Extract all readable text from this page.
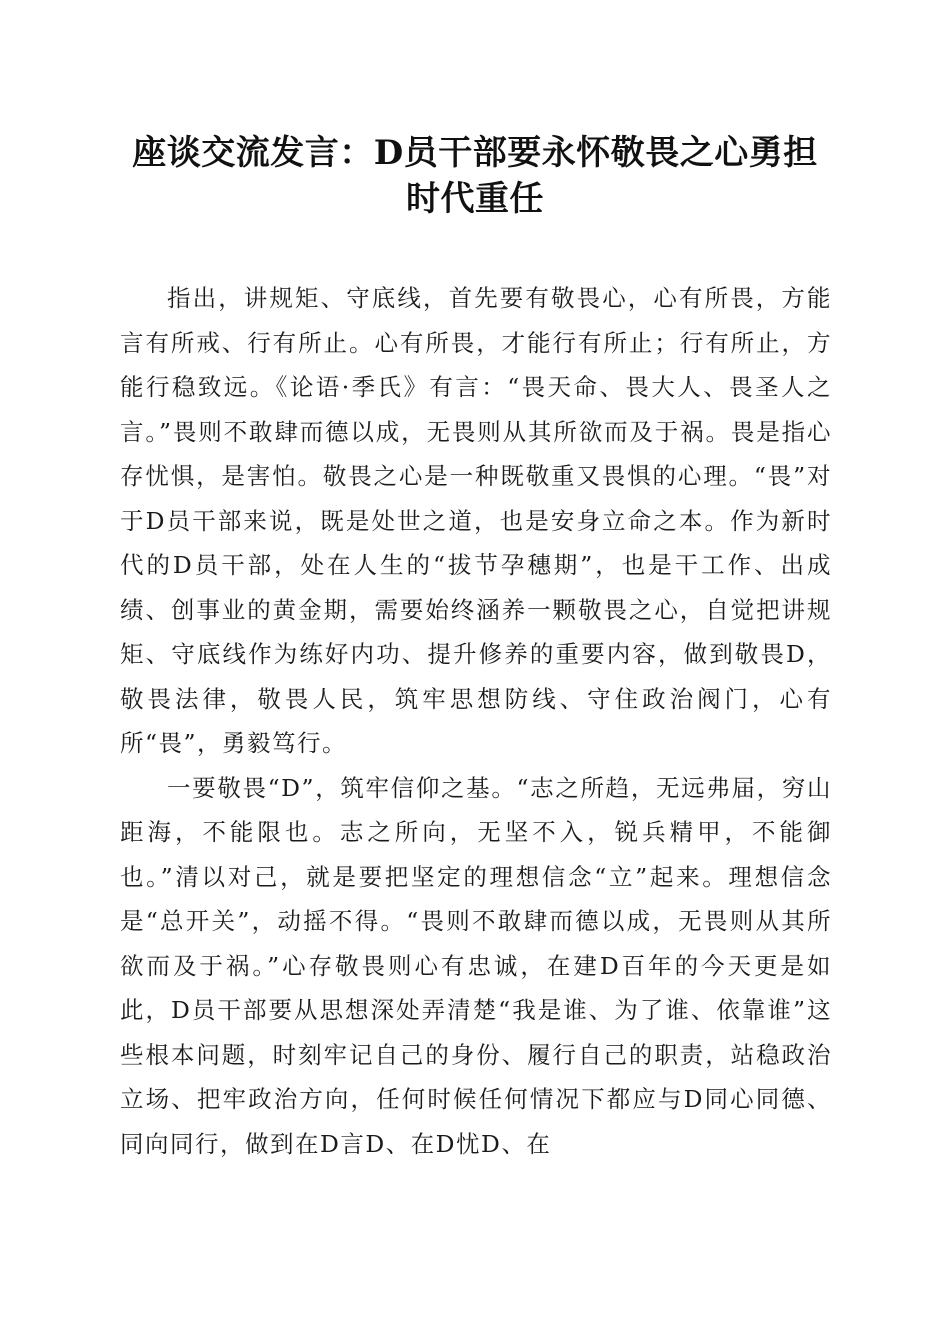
座谈交流发言：D员干部要永怀敬畏之心勇担
时代重任

指出，讲规矩、守底线，首先要有敬畏心，心有所畏，方能言有所戒、行有所止。心有所畏，才能行有所止；行有所止，方能行稳致远。《论语·季氏》有言：“畏天命、畏大人、畏圣人之言。”畏则不敢肆而德以成，无畏则从其所欲而及于祸。畏是指心存忧惧，是害怕。敬畏之心是一种既敬重又畏惧的心理。“畏”对于D员干部来说，既是处世之道，也是安身立命之本。作为新时代的D员干部，处在人生的“拔节孕穗期”，也是干工作、出成绩、创事业的黄金期，需要始终涵养一颗敬畏之心，自觉把讲规矩、守底线作为练好内功、提升修养的重要内容，做到敬畏D，敬畏法律，敬畏人民，筑牢思想防线、守住政治阀门，心有所“畏”，勇毅笃行。

一要敬畏“D”，筑牢信仰之基。“志之所趋，无远弗届，穷山距海，不能限也。志之所向，无坚不入，锐兵精甲，不能御也。”清以对己，就是要把坚定的理想信念“立”起来。理想信念是“总开关”，动摇不得。“畏则不敢肆而德以成，无畏则从其所欲而及于祸。”心存敬畏则心有忠诚，在建D百年的今天更是如此，D员干部要从思想深处弄清楚“我是谁、为了谁、依靠谁”这些根本问题，时刻牢记自己的身份、履行自己的职责，站稳政治立场、把牢政治方向，任何时候任何情况下都应与D同心同德、同向同行，做到在D言D、在D忧D、在
